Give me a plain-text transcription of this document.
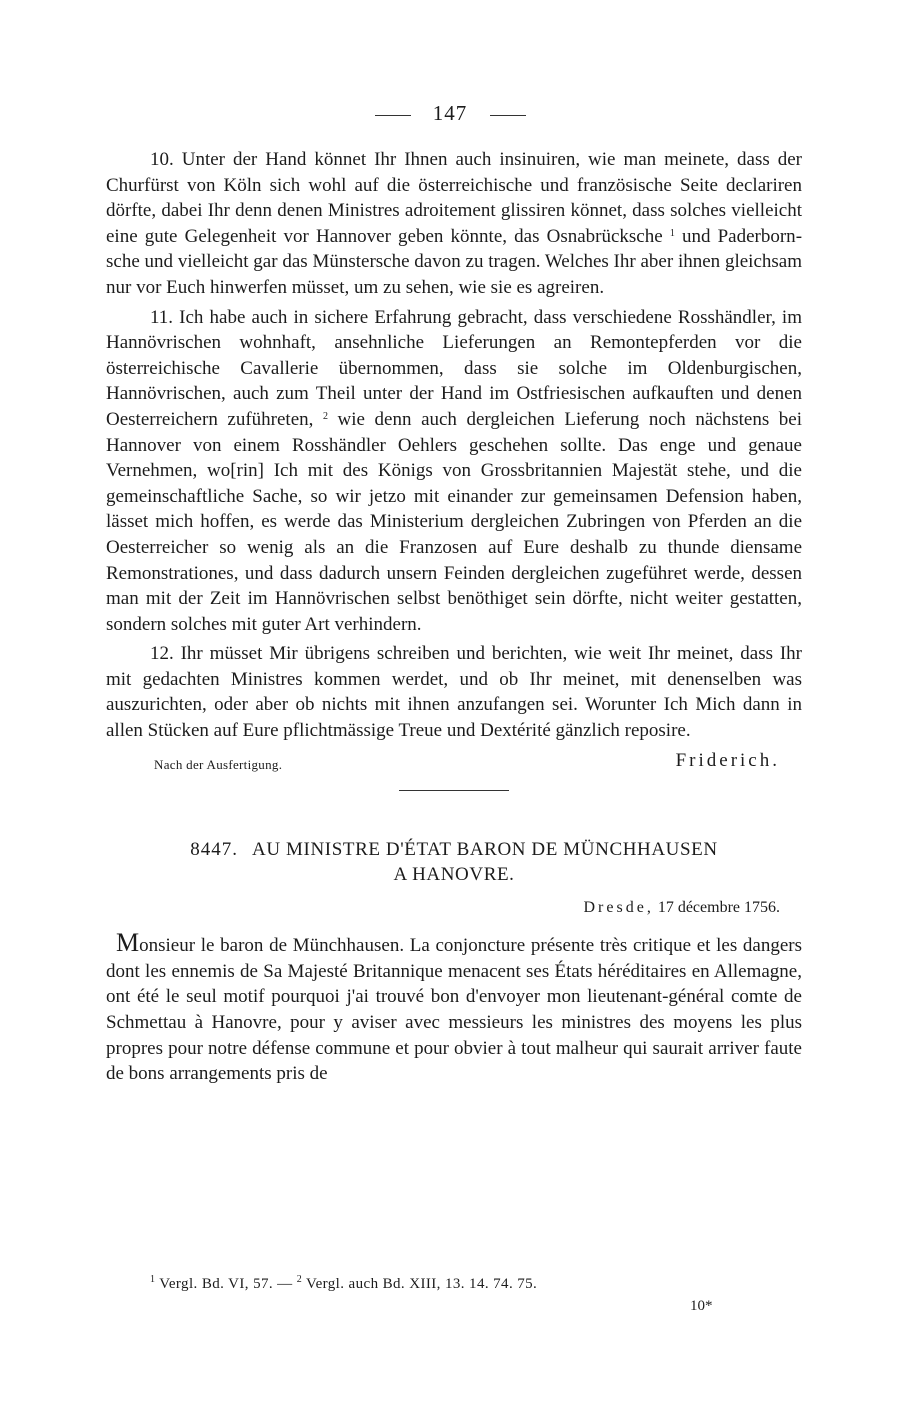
147

10. Unter der Hand könnet Ihr Ihnen auch insinuiren, wie man meinete, dass der Churfürst von Köln sich wohl auf die österreichische und französische Seite declariren dörfte, dabei Ihr denn denen Ministres adroitement glissiren könnet, dass solches vielleicht eine gute Gelegenheit vor Hannover geben könnte, das Osnabrücksche $^1$ und Paderbornsche und vielleicht gar das Münstersche davon zu tragen. Welches Ihr aber ihnen gleichsam nur vor Euch hinwerfen müsset, um zu sehen, wie sie es agreiren.

11. Ich habe auch in sichere Erfahrung gebracht, dass verschiedene Rosshändler, im Hannövrischen wohnhaft, ansehnliche Lieferungen an Remontepferden vor die österreichische Cavallerie übernommen, dass sie solche im Oldenburgischen, Hannövrischen, auch zum Theil unter der Hand im Ostfriesischen aufkauften und denen Oesterreichern zuführeten, $^2$ wie denn auch dergleichen Lieferung noch nächstens bei Hannover von einem Rosshändler Oehlers geschehen sollte. Das enge und genaue Vernehmen, wo[rin] Ich mit des Königs von Grossbritannien Majestät stehe, und die gemeinschaftliche Sache, so wir jetzo mit einander zur gemeinsamen Defension haben, lässet mich hoffen, es werde das Ministerium dergleichen Zubringen von Pferden an die Oesterreicher so wenig als an die Franzosen auf Eure deshalb zu thunde diensame Remonstrationes, und dass dadurch unsern Feinden dergleichen zugeführet werde, dessen man mit der Zeit im Hannövrischen selbst benöthiget sein dörfte, nicht weiter gestatten, sondern solches mit guter Art verhindern.

12. Ihr müsset Mir übrigens schreiben und berichten, wie weit Ihr meinet, dass Ihr mit gedachten Ministres kommen werdet, und ob Ihr meinet, mit denenselben was auszurichten, oder aber ob nichts mit ihnen anzufangen sei. Worunter Ich Mich dann in allen Stücken auf Eure pflichtmässige Treue und Dextérité gänzlich reposire.

Nach der Ausfertigung.	Friderich.
8447. AU MINISTRE D'ÉTAT BARON DE MÜNCHHAUSEN
A HANOVRE.
Dresde, 17 décembre 1756.

Monsieur le baron de Münchhausen. La conjoncture présente très critique et les dangers dont les ennemis de Sa Majesté Britannique menacent ses États héréditaires en Allemagne, ont été le seul motif pourquoi j'ai trouvé bon d'envoyer mon lieutenant-général comte de Schmettau à Hanovre, pour y aviser avec messieurs les ministres des moyens les plus propres pour notre défense commune et pour obvier à tout malheur qui saurait arriver faute de bons arrangements pris de

$^1$ Vergl. Bd. VI, 57. — $^2$ Vergl. auch Bd. XIII, 13. 14. 74. 75.
10*
